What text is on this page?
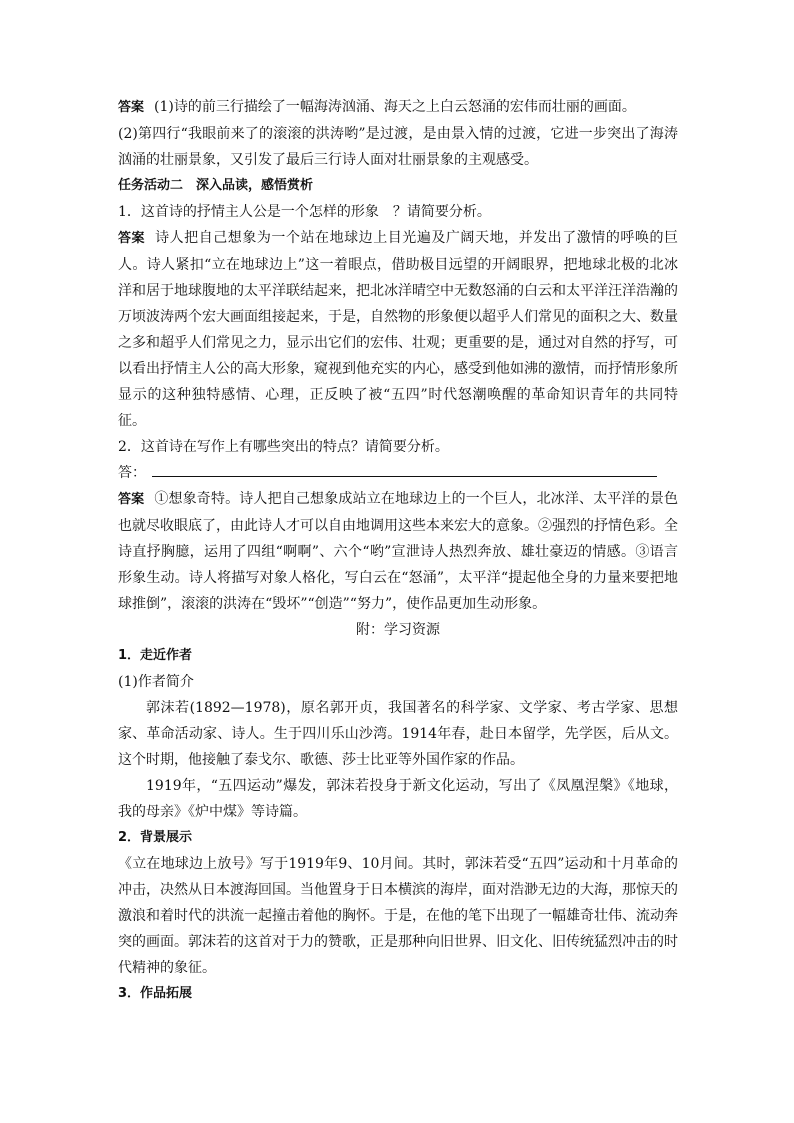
答案 (1)诗的前三行描绘了一幅海涛汹涌、海天之上白云怒涌的宏伟而壮丽的画面。

(2)第四行“我眼前来了的滚滚的洪涛哟”是过渡，是由景入情的过渡，它进一步突出了海涛汹涌的壮丽景象，又引发了最后三行诗人面对壮丽景象的主观感受。

任务活动二　深入品读，感悟赏析

1．这首诗的抒情主人公是一个怎样的形象　？请简要分析。

答案 诗人把自己想象为一个站在地球边上目光遍及广阔天地，并发出了激情的呼唤的巨人。诗人紧扣“立在地球边上”这一着眼点，借助极目远望的开阔眼界，把地球北极的北冰洋和居于地球腹地的太平洋联结起来，把北冰洋晴空中无数怒涌的白云和太平洋汪洋浩瀚的万顷波涛两个宏大画面组接起来，于是，自然物的形象便以超乎人们常见的面积之大、数量之多和超乎人们常见之力，显示出它们的宏伟、壮观；更重要的是，通过对自然的抒写，可以看出抒情主人公的高大形象，窥视到他充实的内心，感受到他如沸的激情，而抒情形象所显示的这种独特感情、心理，正反映了被“五四”时代怒潮唤醒的革命知识青年的共同特征。

2．这首诗在写作上有哪些突出的特点？请简要分析。

答：

答案 ①想象奇特。诗人把自己想象成站立在地球边上的一个巨人，北冰洋、太平洋的景色也就尽收眼底了，由此诗人才可以自由地调用这些本来宏大的意象。②强烈的抒情色彩。全诗直抒胸臆，运用了四组“啊啊”、六个“哟”宣泄诗人热烈奔放、雄壮豪迈的情感。③语言形象生动。诗人将描写对象人格化，写白云在“怒涌”，太平洋“提起他全身的力量来要把地球推倒”，滚滚的洪涛在“毁坏”“创造”“努力”，使作品更加生动形象。

附：学习资源

1．走近作者

(1)作者简介

郭沫若(1892—1978)，原名郭开贞，我国著名的科学家、文学家、考古学家、思想家、革命活动家、诗人。生于四川乐山沙湾。1914年春，赴日本留学，先学医，后从文。这个时期，他接触了泰戈尔、歌德、莎士比亚等外国作家的作品。

1919年，“五四运动”爆发，郭沫若投身于新文化运动，写出了《凤凰涅槃》《地球，我的母亲》《炉中煤》等诗篇。

2．背景展示

《立在地球边上放号》写于1919年9、10月间。其时，郭沫若受“五四”运动和十月革命的冲击，决然从日本渡海回国。当他置身于日本横滨的海岸，面对浩渺无边的大海，那惊天的激浪和着时代的洪流一起撞击着他的胸怀。于是，在他的笔下出现了一幅雄奇壮伟、流动奔突的画面。郭沫若的这首对于力的赞歌，正是那种向旧世界、旧文化、旧传统猛烈冲击的时代精神的象征。

3．作品拓展
